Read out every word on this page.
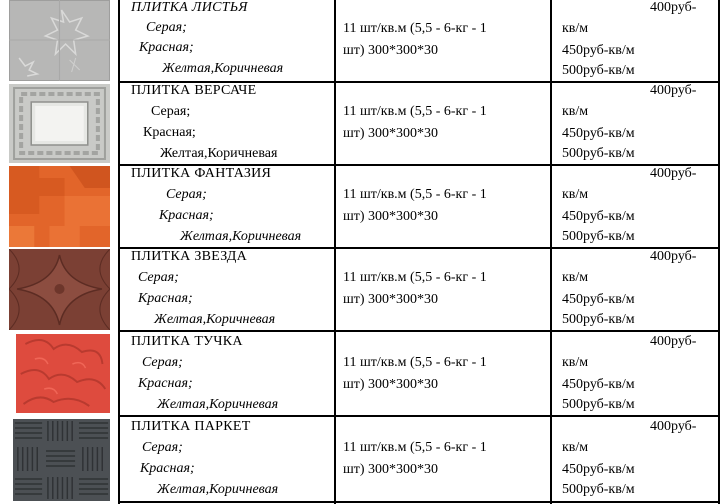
ПЛИТКА ЛИСТЬЯ
Серая;
Красная;
Желтая,Коричневая
11 шт/кв.м (5,5 - 6-кг - 1
шт) 300*300*30
400руб-
кв/м
450руб-кв/м
500руб-кв/м
ПЛИТКА ВЕРСАЧЕ
Серая;
Красная;
Желтая,Коричневая
11 шт/кв.м (5,5 - 6-кг - 1
шт) 300*300*30
400руб-
кв/м
450руб-кв/м
500руб-кв/м
ПЛИТКА ФАНТАЗИЯ
Серая;
Красная;
Желтая,Коричневая
11 шт/кв.м (5,5 - 6-кг - 1
шт) 300*300*30
400руб-
кв/м
450руб-кв/м
500руб-кв/м
ПЛИТКА ЗВЕЗДА
Серая;
Красная;
Желтая,Коричневая
11 шт/кв.м (5,5 - 6-кг - 1
шт) 300*300*30
400руб-
кв/м
450руб-кв/м
500руб-кв/м
ПЛИТКА ТУЧКА
Серая;
Красная;
Желтая,Коричневая
11 шт/кв.м (5,5 - 6-кг - 1
шт) 300*300*30
400руб-
кв/м
450руб-кв/м
500руб-кв/м
ПЛИТКА ПАРКЕТ
Серая;
Красная;
Желтая,Коричневая
11 шт/кв.м (5,5 - 6-кг - 1
шт) 300*300*30
400руб-
кв/м
450руб-кв/м
500руб-кв/м
